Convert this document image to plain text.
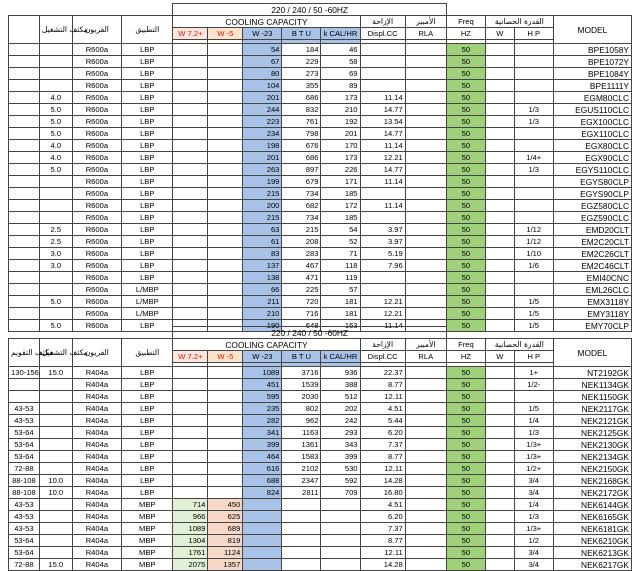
				220 / 240 / 50 -60HZ										
	مكثف التشغيل	الفريون	التطبيق	COOLING CAPACITY					الإزاحة	الأمبير	Freq	القدرة الحصانية		MODEL
				W 7.2+	W -5	W -23	B T U	k CAL/HR	Displ.CC	RLA	HZ	W	H P	

		R600a	LBP			54	184	46			50			BPE1058Y
		R600a	LBP			67	229	58			50			BPE1072Y
		R600a	LBP			80	273	69			50			BPE1084Y
		R600a	LBP			104	355	89			50			BPE1111Y
	4.0	R600a	LBP			201	686	173	11.14		50			EGM80CLC
	5.0	R600a	LBP			244	832	210	14.77		50		1/3	EGUS110CLC
	5.0	R600a	LBP			223	761	192	13.54		50		1/3	EGX100CLC
	5.0	R600a	LBP			234	798	201	14.77		50			EGX110CLC
	4.0	R600a	LBP			198	676	170	11.14		50			EGX80CLC
	4.0	R600a	LBP			201	686	173	12.21		50		1/4+	EGX90CLC
	5.0	R600a	LBP			263	897	226	14.77		50		1/3	EGYS110CLC
		R600a	LBP			199	679	171	11.14		50			EGYS80CLP
		R600a	LBP			215	734	185			50			EGYS90CLP
		R600a	LBP			200	682	172	11.14		50			EGZ580CLC
		R600a	LBP			215	734	185			50			EGZ590CLC
	2.5	R600a	LBP			63	215	54	3.97		50		1/12	EMD20CLT
	2.5	R600a	LBP			61	208	52	3.97		50		1/12	EM2C20CLT
	3.0	R600a	LBP			83	283	71	5.19		50		1/10	EM2C26CLT
	3.0	R600a	LBP			137	467	118	7.96		50		1/6	EM2C46CLT
		R600a	LBP			138	471	119			50			EMI40CNC
		R600a	L/MBP			66	225	57			50			EML26CLC
	5.0	R600a	L/MBP			211	720	181	12.21		50		1/5	EMX3118Y
		R600a	L/MBP			210	716	181	12.21		50		1/5	EMY3118Y
	5.0	R600a	LBP			190	648	163	11.14		50		1/5	EMY70CLP
				220 / 240 / 50 -60HZ										
مكثف التقويم	مكثف التشغيل	الفريون	التطبيق	COOLING CAPACITY					الإزاحة	الأمبير	Freq	القدرة الحصانية		MODEL
				W 7.2+	W -5	W -23	B T U	k CAL/HR	Displ.CC	RLA	HZ	W	H P	

130-156	15.0	R404a	LBP			1089	3716	936	22.37		50		1+	NT2192GK
		R404a	LBP			451	1539	388	8.77		50		1/2-	NEK1134GK
		R404a	LBP			595	2030	512	12.11		50			NEK1150GK
43-53		R404a	LBP			235	802	202	4.51		50		1/5	NEK2117GK
43-53		R404a	LBP			282	962	242	5.44		50		1/4	NEK2121GK
53-64		R404a	LBP			341	1163	293	6.20		50		1/3	NEK2125GK
53-64		R404a	LBP			399	1361	343	7.37		50		1/3+	NEK2130GK
53-64		R404a	LBP			464	1583	399	8.77		50		1/3+	NEK2134GK
72-88		R404a	LBP			616	2102	530	12.11		50		1/2+	NEK2150GK
88-108	10.0	R404a	LBP			688	2347	592	14.28		50		3/4	NEK2168GK
88-108	10.0	R404a	LBP			824	2811	709	16.80		50		3/4	NEK2172GK
43-53		R404a	MBP	714	450				4.51		50		1/4	NEK6144GK
43-53		R404a	MBP	966	625				6.20		50		1/3	NEK6165GK
43-53		R404a	MBP	1089	689				7.37		50		1/3+	NEK6181GK
53-64		R404a	MBP	1304	819				8.77		50		1/2	NEK6210GK
53-64		R404a	MBP	1761	1124				12.11		50		3/4	NEK6213GK
72-88	15.0	R404a	MBP	2075	1357				14.28		50		3/4	NEK6217GK
